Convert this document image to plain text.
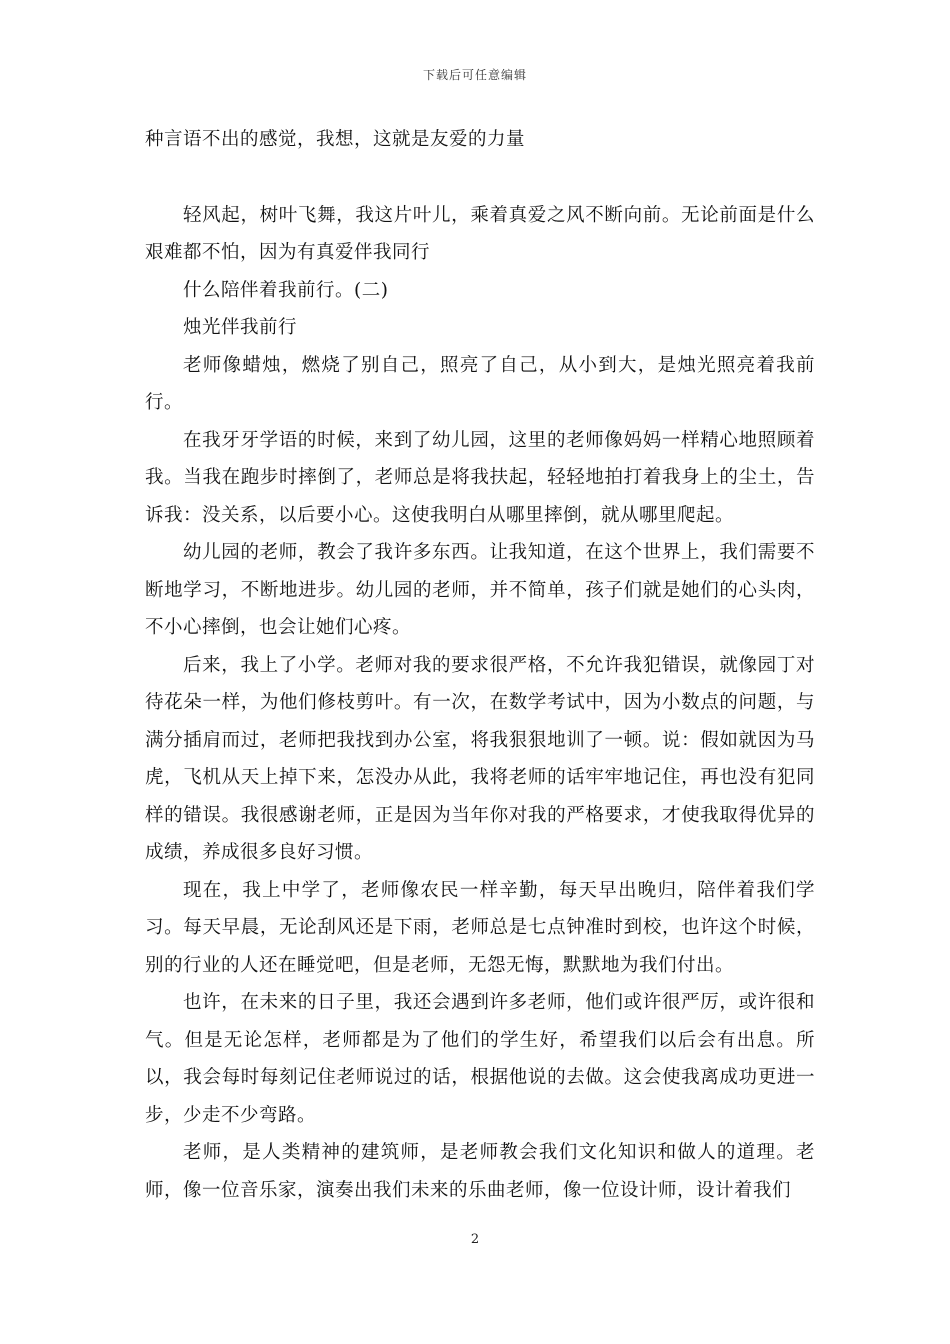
下载后可任意编辑

种言语不出的感觉，我想，这就是友爱的力量

轻风起，树叶飞舞，我这片叶儿，乘着真爱之风不断向前。无论前面是什么艰难都不怕，因为有真爱伴我同行

什么陪伴着我前行。(二)

烛光伴我前行

老师像蜡烛，燃烧了别自己，照亮了自己，从小到大，是烛光照亮着我前行。

在我牙牙学语的时候，来到了幼儿园，这里的老师像妈妈一样精心地照顾着我。当我在跑步时摔倒了，老师总是将我扶起，轻轻地拍打着我身上的尘土，告诉我：没关系，以后要小心。这使我明白从哪里摔倒，就从哪里爬起。

幼儿园的老师，教会了我许多东西。让我知道，在这个世界上，我们需要不断地学习，不断地进步。幼儿园的老师，并不简单，孩子们就是她们的心头肉，不小心摔倒，也会让她们心疼。

后来，我上了小学。老师对我的要求很严格，不允许我犯错误，就像园丁对待花朵一样，为他们修枝剪叶。有一次，在数学考试中，因为小数点的问题，与满分插肩而过，老师把我找到办公室，将我狠狠地训了一顿。说：假如就因为马虎，飞机从天上掉下来，怎没办从此，我将老师的话牢牢地记住，再也没有犯同样的错误。我很感谢老师，正是因为当年你对我的严格要求，才使我取得优异的成绩，养成很多良好习惯。

现在，我上中学了，老师像农民一样辛勤，每天早出晚归，陪伴着我们学习。每天早晨，无论刮风还是下雨，老师总是七点钟准时到校，也许这个时候，别的行业的人还在睡觉吧，但是老师，无怨无悔，默默地为我们付出。

也许，在未来的日子里，我还会遇到许多老师，他们或许很严厉，或许很和气。但是无论怎样，老师都是为了他们的学生好，希望我们以后会有出息。所以，我会每时每刻记住老师说过的话，根据他说的去做。这会使我离成功更进一步，少走不少弯路。

老师，是人类精神的建筑师，是老师教会我们文化知识和做人的道理。老师，像一位音乐家，演奏出我们未来的乐曲老师，像一位设计师，设计着我们

2
